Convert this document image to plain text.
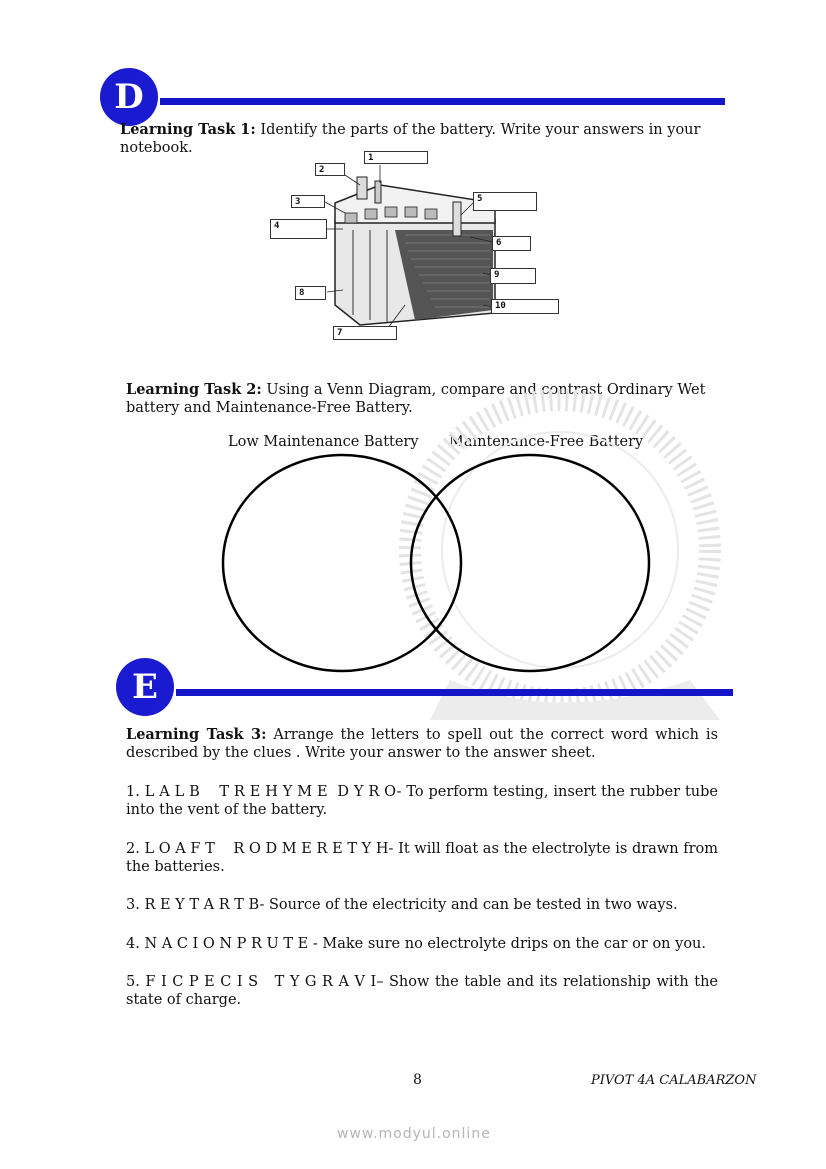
D
Learning Task 1: Identify the parts of the battery. Write your answers in your notebook.
1
2
3
4
5
6
7
8
9
10
Learning Task 2: Using a Venn Diagram, compare and contrast Ordinary Wet battery and Maintenance-Free Battery.
Low Maintenance Battery Maintenance-Free Battery
E
Learning Task 3: Arrange the letters to spell out the correct word which is described by the clues . Write your answer to the answer sheet.
1. L A L B    T R E H Y M E  D Y R O- To perform testing, insert the rubber tube into the vent of the battery.
2. L O A F T    R O D M E R E T Y H- It will float as the electrolyte is drawn from the batteries.
3. R E Y T A R T B- Source of the electricity and can be tested in two ways.
4. N A C I O N P R U T E - Make sure no electrolyte drips on the car or on you.
5. F I C P E C I S   T Y G R A V I– Show the table and its relationship with the state of charge.
8	PIVOT 4A CALABARZON
www.modyul.online
